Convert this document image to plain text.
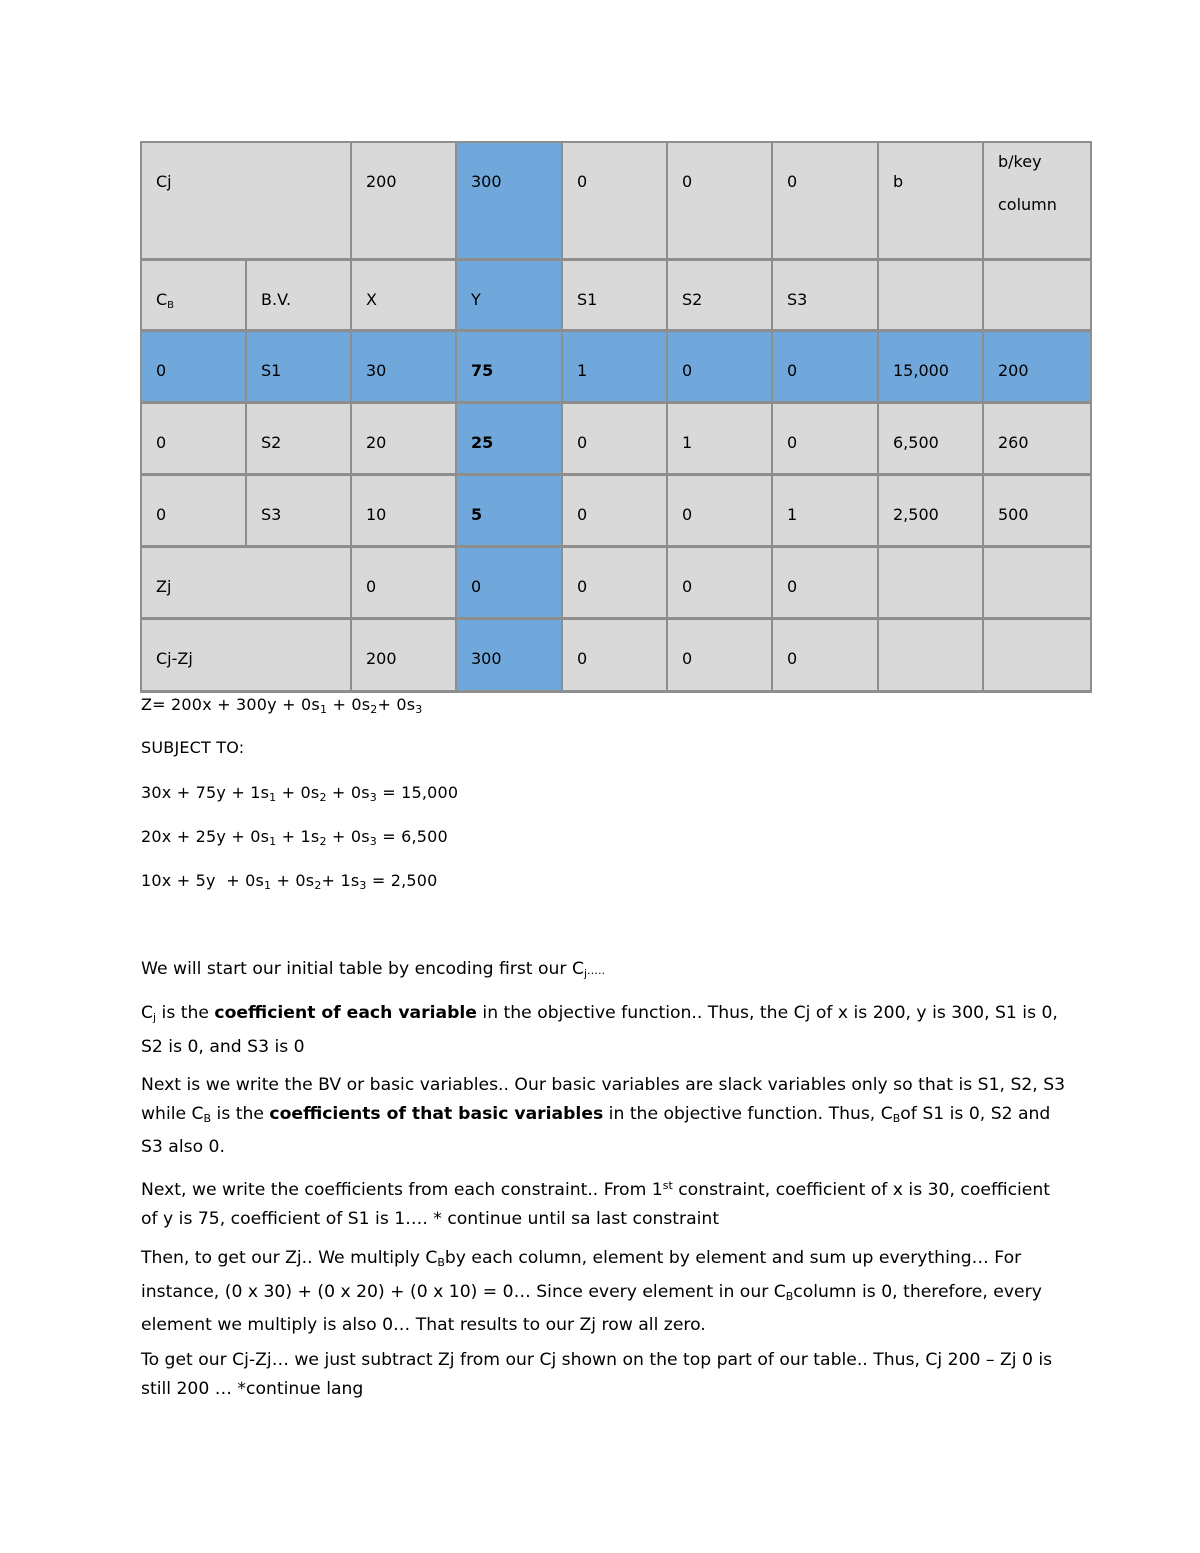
Cj		200	300	0	0	0	b	b/key
column

$C_B$	B.V.	X	Y	S1	S2	S3		
0	S1	30	75	1	0	0	15,000	200
0	S2	20	25	0	1	0	6,500	260
0	S3	10	5	0	0	1	2,500	500
Zj		0	0	0	0	0		
Cj-Zj		200	300	0	0	0		
$Z= 200x + 300y + 0s_1 + 0s_2+ 0s_3$
SUBJECT TO:
$30x + 75y + 1s_1 + 0s_2 + 0s_3 = 15,000$
$20x + 25y + 0s_1 + 1s_2 + 0s_3 = 6,500$
$10x + 5y + 0s_1 + 0s_2+ 1s_3 = 2,500$
We will start our initial table by encoding first our $C_j\dots$..
$C_j$ is the coefficient of each variable in the objective function.. Thus, the Cj of x is 200, y is 300, S1 is 0, S2 is 0, and S3 is 0
Next is we write the BV or basic variables.. Our basic variables are slack variables only so that is S1, S2, S3 while $C_B$ is the coefficients of that basic variables in the objective function. Thus, $C_Bof$ S1 is 0, S2 and S3 also 0.
Next, we write the coefficients from each constraint.. From 1st constraint, coefficient of x is 30, coefficient of y is 75, coefficient of S1 is 1…. * continue until sa last constraint
Then, to get our Zj.. We multiply $C_Bby$ each column, element by element and sum up everything… For instance, (0 x 30) + (0 x 20) + (0 x 10) = 0… Since every element in our $C_Bcolumn$ is 0, therefore, every element we multiply is also 0… That results to our Zj row all zero.
To get our Cj-Zj… we just subtract Zj from our Cj shown on the top part of our table.. Thus, Cj 200 – Zj 0 is still 200 … *continue lang
